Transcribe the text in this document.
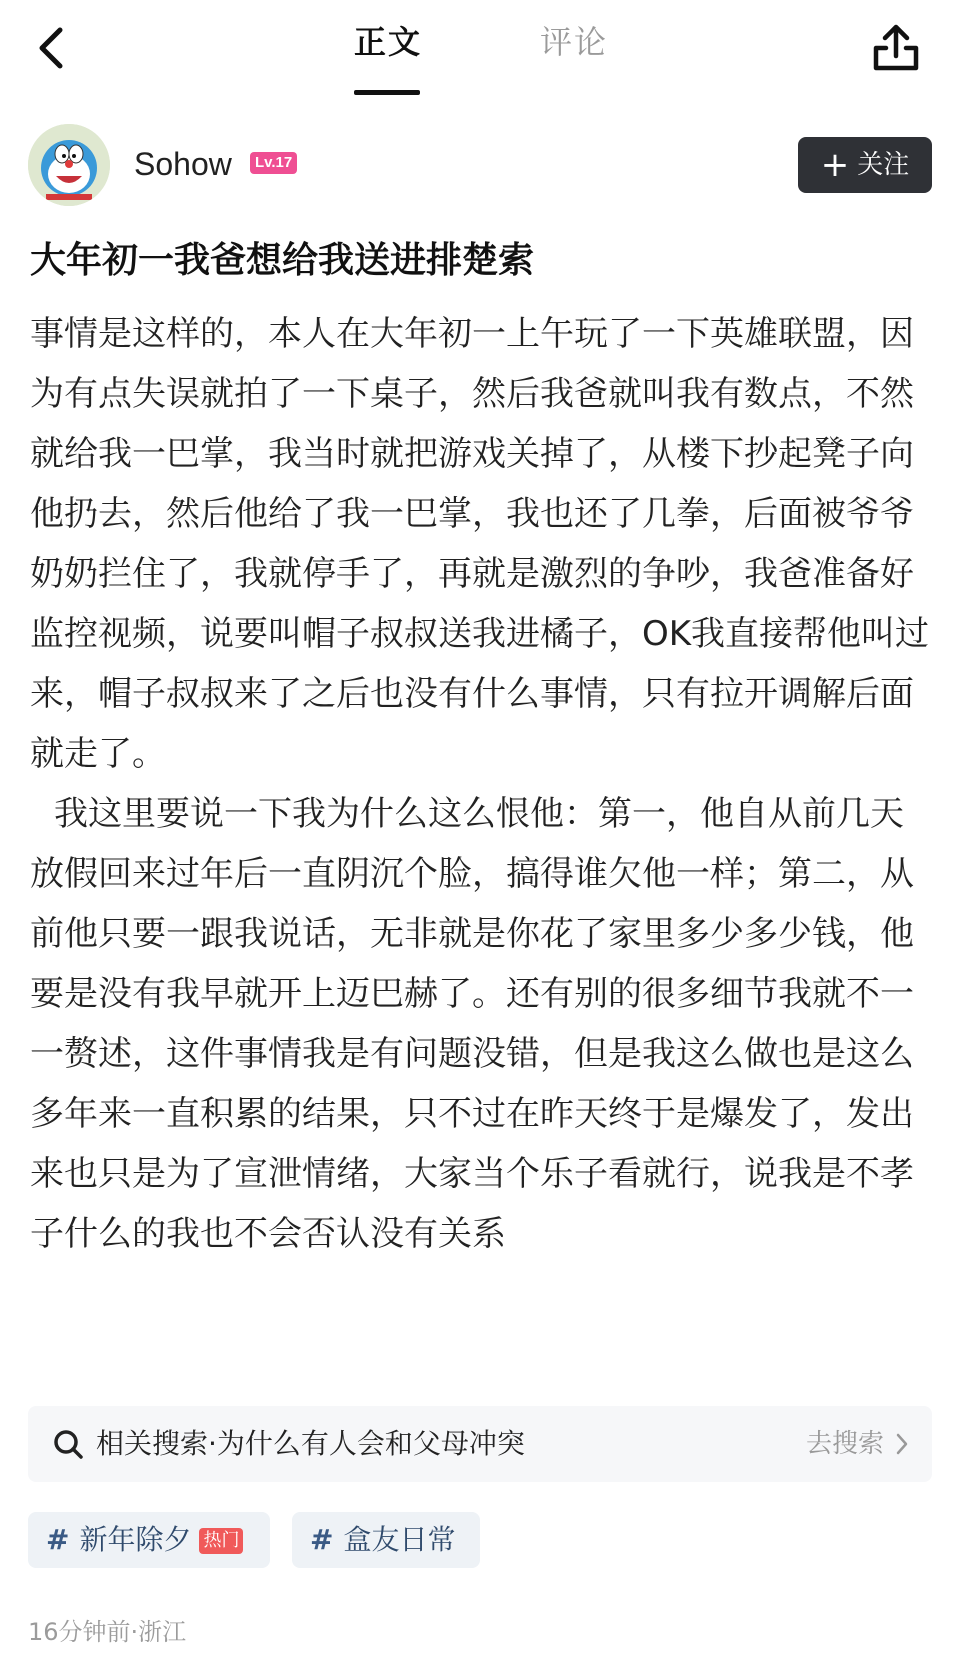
正文	评论
Sohow	Lv.17	+ 关注
大年初一我爸想给我送进排楚索

事情是这样的，本人在大年初一上午玩了一下英雄联盟，因为有点失误就拍了一下桌子，然后我爸就叫我有数点，不然就给我一巴掌，我当时就把游戏关掉了，从楼下抄起凳子向他扔去，然后他给了我一巴掌，我也还了几拳，后面被爷爷奶奶拦住了，我就停手了，再就是激烈的争吵，我爸准备好监控视频，说要叫帽子叔叔送我进橘子，OK我直接帮他叫过来，帽子叔叔来了之后也没有什么事情，只有拉开调解后面就走了。

我这里要说一下我为什么这么恨他：第一，他自从前几天放假回来过年后一直阴沉个脸，搞得谁欠他一样；第二，从前他只要一跟我说话，无非就是你花了家里多少多少钱，他要是没有我早就开上迈巴赫了。还有别的很多细节我就不一一赘述，这件事情我是有问题没错，但是我这么做也是这么多年来一直积累的结果，只不过在昨天终于是爆发了，发出来也只是为了宣泄情绪，大家当个乐子看就行，说我是不孝子什么的我也不会否认没有关系

相关搜索·为什么有人会和父母冲突	去搜索
# 新年除夕 热门	# 盒友日常
16分钟前·浙江
